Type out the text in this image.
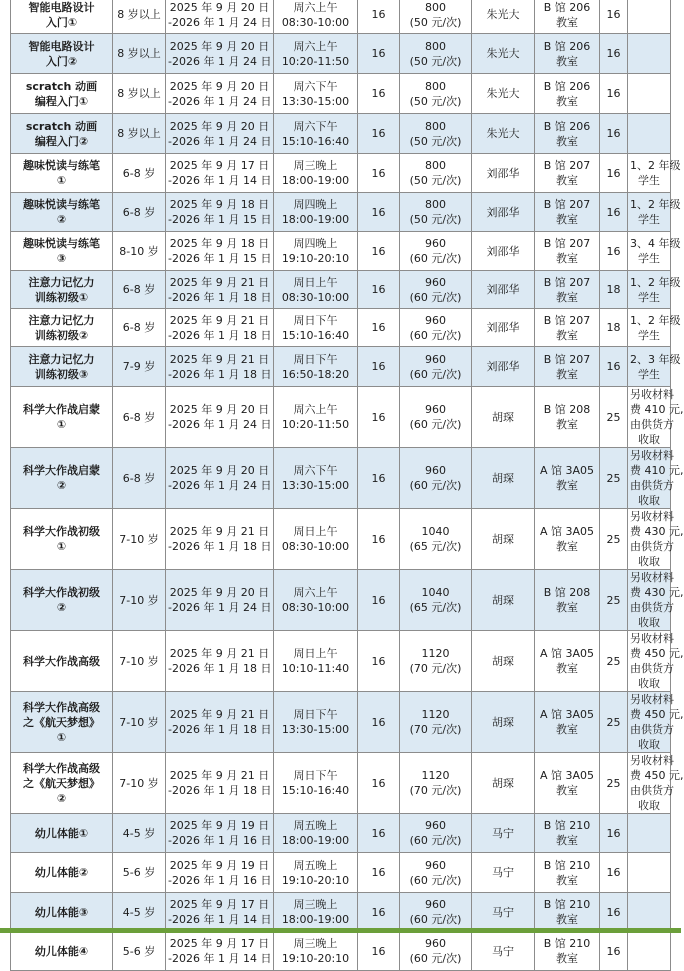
智能电路设计
入门①	8 岁以上	2025 年 9 月 20 日
-2026 年 1 月 24 日	周六上午
08:30-10:00	16	800
(50 元/次)	朱光大	B 馆 206
教室	16	

智能电路设计
入门②	8 岁以上	2025 年 9 月 20 日
-2026 年 1 月 24 日	周六上午
10:20-11:50	16	800
(50 元/次)	朱光大	B 馆 206
教室	16	

scratch 动画
编程入门①	8 岁以上	2025 年 9 月 20 日
-2026 年 1 月 24 日	周六下午
13:30-15:00	16	800
(50 元/次)	朱光大	B 馆 206
教室	16	

scratch 动画
编程入门②	8 岁以上	2025 年 9 月 20 日
-2026 年 1 月 24 日	周六下午
15:10-16:40	16	800
(50 元/次)	朱光大	B 馆 206
教室	16	

趣味悦读与练笔
①	6-8 岁	2025 年 9 月 17 日
-2026 年 1 月 14 日	周三晚上
18:00-19:00	16	800
(50 元/次)	刘邵华	B 馆 207
教室	16	1、2 年级
学生

趣味悦读与练笔
②	6-8 岁	2025 年 9 月 18 日
-2026 年 1 月 15 日	周四晚上
18:00-19:00	16	800
(50 元/次)	刘邵华	B 馆 207
教室	16	1、2 年级
学生

趣味悦读与练笔
③	8-10 岁	2025 年 9 月 18 日
-2026 年 1 月 15 日	周四晚上
19:10-20:10	16	960
(60 元/次)	刘邵华	B 馆 207
教室	16	3、4 年级
学生

注意力记忆力
训练初级①	6-8 岁	2025 年 9 月 21 日
-2026 年 1 月 18 日	周日上午
08:30-10:00	16	960
(60 元/次)	刘邵华	B 馆 207
教室	18	1、2 年级
学生

注意力记忆力
训练初级②	6-8 岁	2025 年 9 月 21 日
-2026 年 1 月 18 日	周日下午
15:10-16:40	16	960
(60 元/次)	刘邵华	B 馆 207
教室	18	1、2 年级
学生

注意力记忆力
训练初级③	7-9 岁	2025 年 9 月 21 日
-2026 年 1 月 18 日	周日下午
16:50-18:20	16	960
(60 元/次)	刘邵华	B 馆 207
教室	16	2、3 年级
学生

科学大作战启蒙
①	6-8 岁	2025 年 9 月 20 日
-2026 年 1 月 24 日	周六上午
10:20-11:50	16	960
(60 元/次)	胡琛	B 馆 208
教室	25	另收材料
费 410 元,
由供货方
收取

科学大作战启蒙
②	6-8 岁	2025 年 9 月 20 日
-2026 年 1 月 24 日	周六下午
13:30-15:00	16	960
(60 元/次)	胡琛	A 馆 3A05
教室	25	另收材料
费 410 元,
由供货方
收取

科学大作战初级
①	7-10 岁	2025 年 9 月 21 日
-2026 年 1 月 18 日	周日上午
08:30-10:00	16	1040
(65 元/次)	胡琛	A 馆 3A05
教室	25	另收材料
费 430 元,
由供货方
收取

科学大作战初级
②	7-10 岁	2025 年 9 月 20 日
-2026 年 1 月 24 日	周六上午
08:30-10:00	16	1040
(65 元/次)	胡琛	B 馆 208
教室	25	另收材料
费 430 元,
由供货方
收取

科学大作战高级	7-10 岁	2025 年 9 月 21 日
-2026 年 1 月 18 日	周日上午
10:10-11:40	16	1120
(70 元/次)	胡琛	A 馆 3A05
教室	25	另收材料
费 450 元,
由供货方
收取

科学大作战高级
之《航天梦想》
①	7-10 岁	2025 年 9 月 21 日
-2026 年 1 月 18 日	周日下午
13:30-15:00	16	1120
(70 元/次)	胡琛	A 馆 3A05
教室	25	另收材料
费 450 元,
由供货方
收取

科学大作战高级
之《航天梦想》
②	7-10 岁	2025 年 9 月 21 日
-2026 年 1 月 18 日	周日下午
15:10-16:40	16	1120
(70 元/次)	胡琛	A 馆 3A05
教室	25	另收材料
费 450 元,
由供货方
收取

幼儿体能①	4-5 岁	2025 年 9 月 19 日
-2026 年 1 月 16 日	周五晚上
18:00-19:00	16	960
(60 元/次)	马宁	B 馆 210
教室	16	

幼儿体能②	5-6 岁	2025 年 9 月 19 日
-2026 年 1 月 16 日	周五晚上
19:10-20:10	16	960
(60 元/次)	马宁	B 馆 210
教室	16	

幼儿体能③	4-5 岁	2025 年 9 月 17 日
-2026 年 1 月 14 日	周三晚上
18:00-19:00	16	960
(60 元/次)	马宁	B 馆 210
教室	16	

幼儿体能④	5-6 岁	2025 年 9 月 17 日
-2026 年 1 月 14 日	周三晚上
19:10-20:10	16	960
(60 元/次)	马宁	B 馆 210
教室	16	
